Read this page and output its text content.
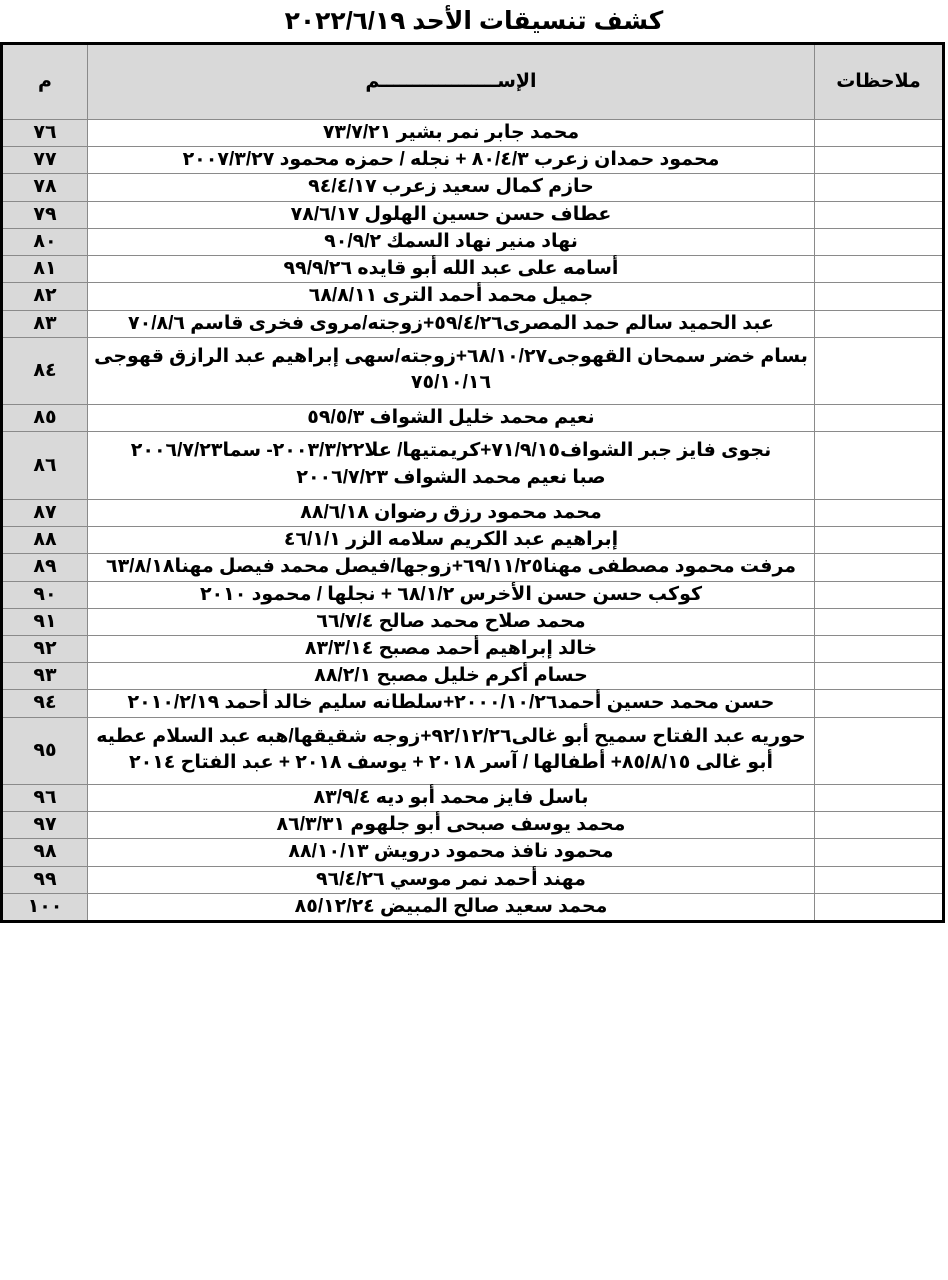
كشف تنسيقات الأحد ٢٠٢٢/٦/١٩
ملاحظات	الإســــــــــــــــــم	م

	محمد جابر نمر بشير ٧٣/٧/٢١	٧٦

	محمود حمدان زعرب ٨٠/٤/٣ + نجله / حمزه محمود ٢٠٠٧/٣/٢٧	٧٧

	حازم كمال سعيد زعرب ٩٤/٤/١٧	٧٨

	عطاف حسن حسين الهلول ٧٨/٦/١٧	٧٩

	نهاد منير نهاد السمك ٩٠/٩/٢	٨٠

	أسامه على عبد الله أبو قايده ٩٩/٩/٢٦	٨١

	جميل محمد أحمد الترى ٦٨/٨/١١	٨٢

	عبد الحميد سالم حمد المصرى٥٩/٤/٢٦+زوجته/مروى فخرى قاسم ٧٠/٨/٦	٨٣

	بسام خضر سمحان القهوجى٦٨/١٠/٢٧+زوجته/سهى إبراهيم عبد الرازق قهوجى ٧٥/١٠/١٦	٨٤

	نعيم محمد خليل الشواف ٥٩/٥/٣	٨٥

	نجوى فايز جبر الشواف٧١/٩/١٥+كريمتيها/ علا٢٠٠٣/٣/٢٢- سما٢٠٠٦/٧/٢٣
صبا نعيم محمد الشواف ٢٠٠٦/٧/٢٣	٨٦

	محمد محمود رزق رضوان ٨٨/٦/١٨	٨٧

	إبراهيم عبد الكريم سلامه الزر ٤٦/١/١	٨٨

	مرفت محمود مصطفى مهنا٦٩/١١/٢٥+زوجها/فيصل محمد فيصل مهنا٦٣/٨/١٨	٨٩

	كوكب حسن حسن الأخرس ٦٨/١/٢ + نجلها / محمود ٢٠١٠	٩٠

	محمد صلاح محمد صالح ٦٦/٧/٤	٩١

	خالد إبراهيم أحمد مصبح ٨٣/٣/١٤	٩٢

	حسام أكرم خليل مصبح ٨٨/٢/١	٩٣

	حسن محمد حسين أحمد٢٠٠٠/١٠/٢٦+سلطانه سليم خالد أحمد ٢٠١٠/٢/١٩	٩٤

	حوريه عبد الفتاح سميح أبو غالى٩٢/١٢/٢٦+زوجه شقيقها/هبه عبد السلام عطيه أبو غالى ٨٥/٨/١٥+ أطفالها / آسر ٢٠١٨ + يوسف ٢٠١٨ + عبد الفتاح ٢٠١٤	٩٥

	باسل فايز محمد أبو ديه ٨٣/٩/٤	٩٦

	محمد يوسف صبحى أبو جلهوم ٨٦/٣/٣١	٩٧

	محمود نافذ محمود درويش ٨٨/١٠/١٣	٩٨

	مهند أحمد نمر موسي ٩٦/٤/٢٦	٩٩

	محمد سعيد صالح المبيض ٨٥/١٢/٢٤	١٠٠
